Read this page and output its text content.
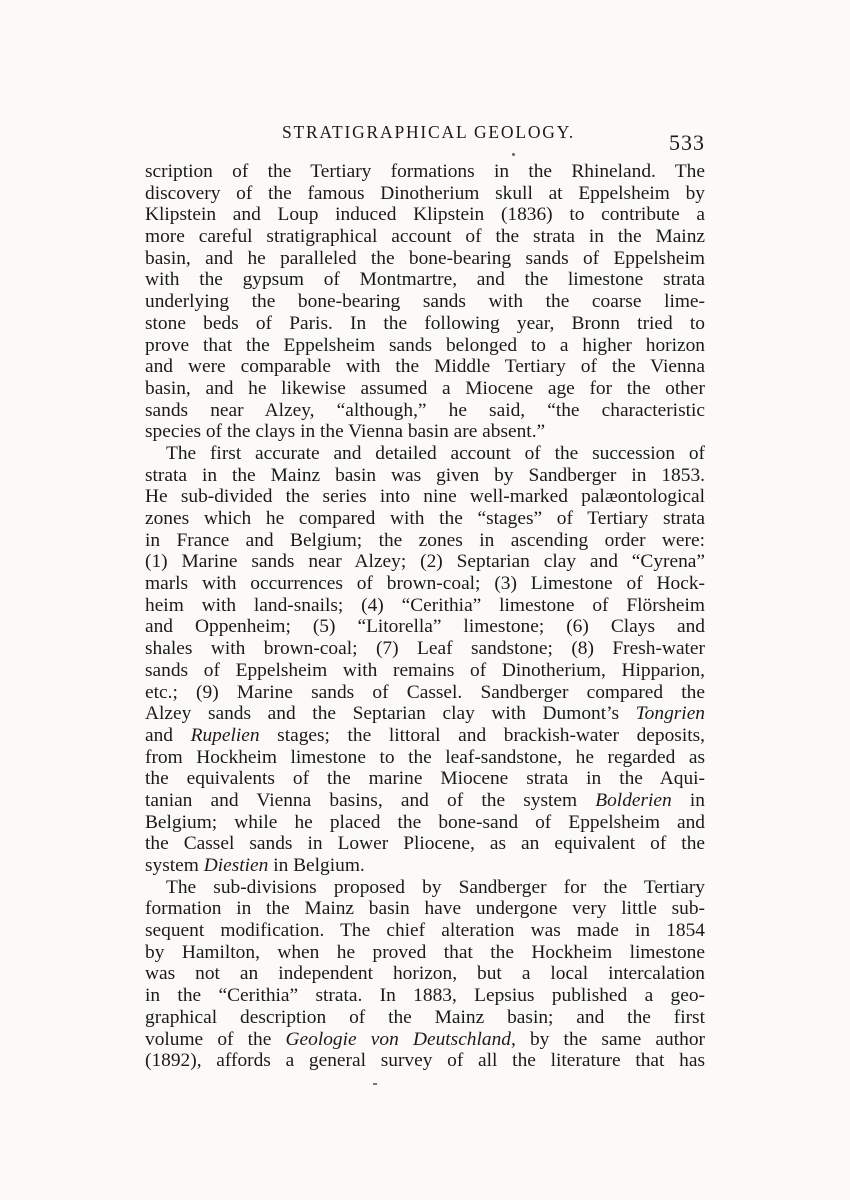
STRATIGRAPHICAL GEOLOGY.	533
scription of the Tertiary formations in the Rhineland. The
discovery of the famous Dinotherium skull at Eppelsheim by
Klipstein and Loup induced Klipstein (1836) to contribute a
more careful stratigraphical account of the strata in the Mainz
basin, and he paralleled the bone-bearing sands of Eppelsheim
with the gypsum of Montmartre, and the limestone strata
underlying the bone-bearing sands with the coarse lime-
stone beds of Paris. In the following year, Bronn tried to
prove that the Eppelsheim sands belonged to a higher horizon
and were comparable with the Middle Tertiary of the Vienna
basin, and he likewise assumed a Miocene age for the other
sands near Alzey, “although,” he said, “the characteristic
species of the clays in the Vienna basin are absent.”
The first accurate and detailed account of the succession of
strata in the Mainz basin was given by Sandberger in 1853.
He sub-divided the series into nine well-marked palæontological
zones which he compared with the “stages” of Tertiary strata
in France and Belgium; the zones in ascending order were:
(1) Marine sands near Alzey; (2) Septarian clay and “Cyrena”
marls with occurrences of brown-coal; (3) Limestone of Hock-
heim with land-snails; (4) “Cerithia” limestone of Flörsheim
and Oppenheim; (5) “Litorella” limestone; (6) Clays and
shales with brown-coal; (7) Leaf sandstone; (8) Fresh-water
sands of Eppelsheim with remains of Dinotherium, Hipparion,
etc.; (9) Marine sands of Cassel. Sandberger compared the
Alzey sands and the Septarian clay with Dumont’s Tongrien
and Rupelien stages; the littoral and brackish-water deposits,
from Hockheim limestone to the leaf-sandstone, he regarded as
the equivalents of the marine Miocene strata in the Aqui-
tanian and Vienna basins, and of the system Bolderien in
Belgium; while he placed the bone-sand of Eppelsheim and
the Cassel sands in Lower Pliocene, as an equivalent of the
system Diestien in Belgium.
The sub-divisions proposed by Sandberger for the Tertiary
formation in the Mainz basin have undergone very little sub-
sequent modification. The chief alteration was made in 1854
by Hamilton, when he proved that the Hockheim limestone
was not an independent horizon, but a local intercalation
in the “Cerithia” strata. In 1883, Lepsius published a geo-
graphical description of the Mainz basin; and the first
volume of the Geologie von Deutschland, by the same author
(1892), affords a general survey of all the literature that has
